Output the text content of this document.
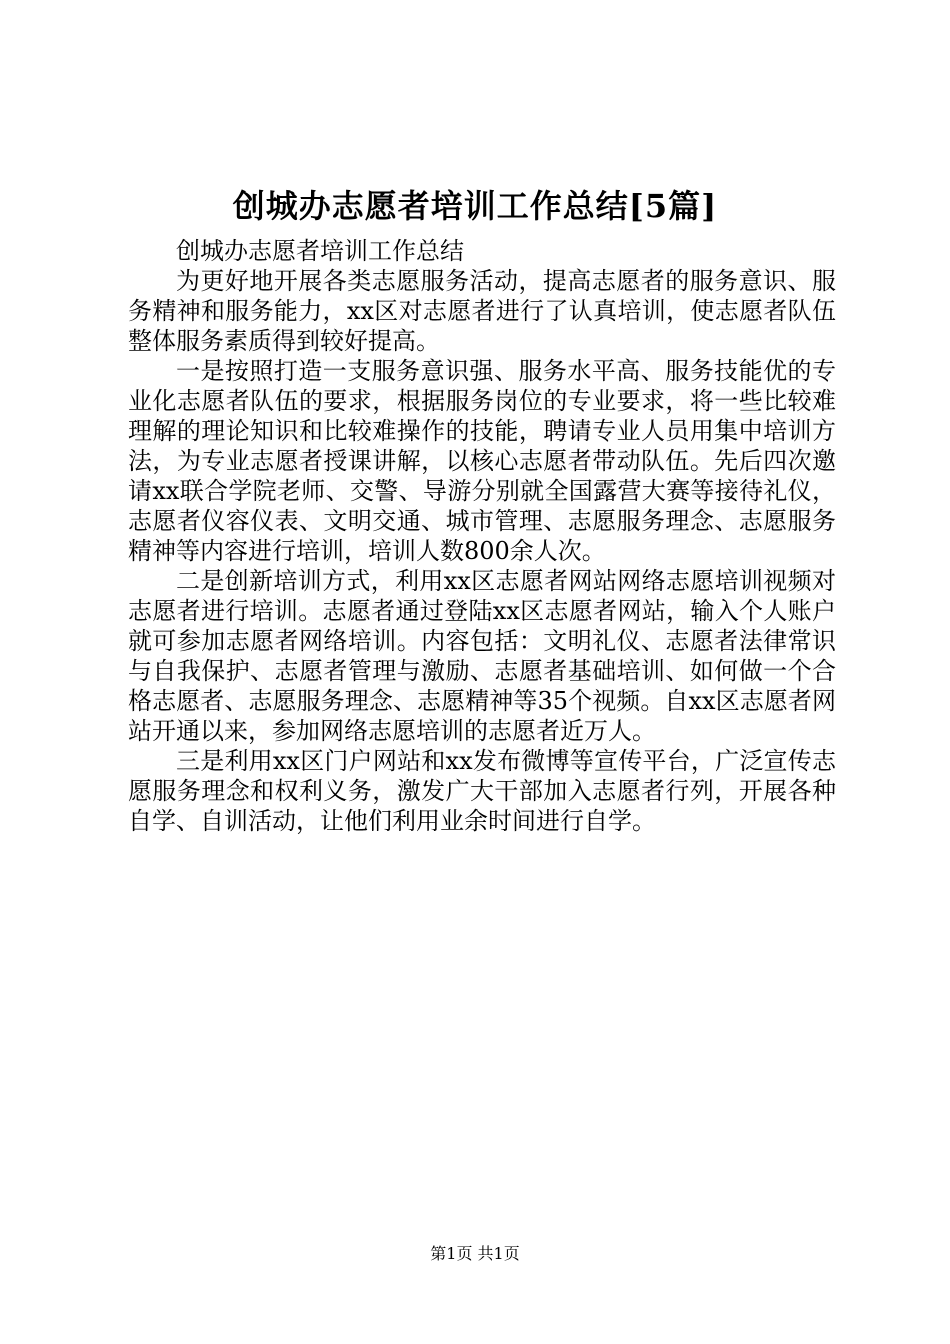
创城办志愿者培训工作总结[5篇]

创城办志愿者培训工作总结

为更好地开展各类志愿服务活动，提高志愿者的服务意识、服务精神和服务能力，xx区对志愿者进行了认真培训，使志愿者队伍整体服务素质得到较好提高。

一是按照打造一支服务意识强、服务水平高、服务技能优的专业化志愿者队伍的要求，根据服务岗位的专业要求，将一些比较难理解的理论知识和比较难操作的技能，聘请专业人员用集中培训方法，为专业志愿者授课讲解，以核心志愿者带动队伍。先后四次邀请xx联合学院老师、交警、导游分别就全国露营大赛等接待礼仪，志愿者仪容仪表、文明交通、城市管理、志愿服务理念、志愿服务精神等内容进行培训，培训人数800余人次。

二是创新培训方式，利用xx区志愿者网站网络志愿培训视频对志愿者进行培训。志愿者通过登陆xx区志愿者网站，输入个人账户就可参加志愿者网络培训。内容包括：文明礼仪、志愿者法律常识与自我保护、志愿者管理与激励、志愿者基础培训、如何做一个合格志愿者、志愿服务理念、志愿精神等35个视频。自xx区志愿者网站开通以来，参加网络志愿培训的志愿者近万人。

三是利用xx区门户网站和xx发布微博等宣传平台，广泛宣传志愿服务理念和权利义务，激发广大干部加入志愿者行列，开展各种自学、自训活动，让他们利用业余时间进行自学。

第1页 共1页
